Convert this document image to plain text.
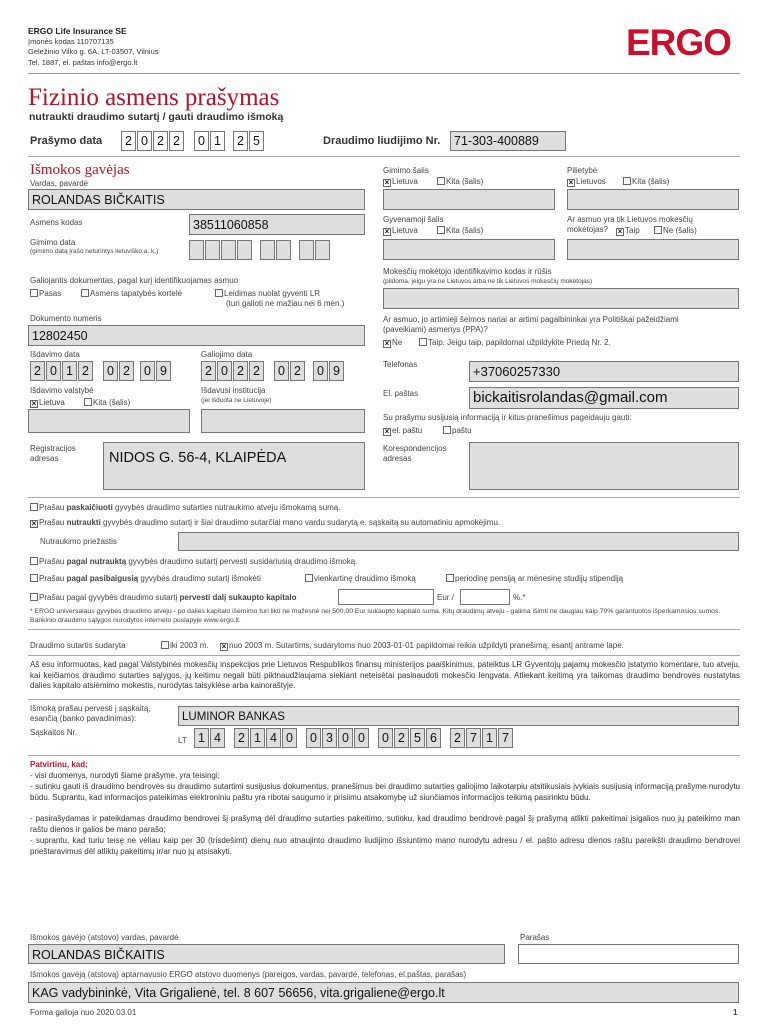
ERGO Life Insurance SE
Įmonės kodas 110707135
Geležinio Vilko g. 6A, LT-03507, Vilnius
Tel. 1887, el. paštas info@ergo.lt	ERGO
Fizinio asmens prašymas
nutraukti draudimo sutartį / gauti draudimo išmoką
Prašymo data	2 0 2 2	0 1	2 5	Draudimo liudijimo Nr.	71-303-400889
Išmokos gavėjas
Vardas, pavardė
ROLANDAS BIČKAITIS
Asmens kodas	38511060858
Gimimo data
(gimimo datą įrašo neturintys lietuviško a. k.)
Galiojantis dokumentas, pagal kurį identifikuojamas asmuo
Pasas	Asmens tapatybės kortelė	Leidimas nuolat gyventi LR
(turi galioti ne mažiau nei 6 mėn.)
Dokumento numeris
12802450
Išdavimo data
2 0 1 2	0 2	0 9
Galiojimo data
2 0 2 2	0 2	0 9
Išdavimo valstybė
× Lietuva	Kita (šalis)
Išdavusi institucija
(jei išduota ne Lietuvoje)
Registracijos adresas	NIDOS G. 56-4, KLAIPĖDA
Gimimo šalis
× Lietuva	Kita (šalis)
Pilietybė
× Lietuvos	Kita (šalis)
Gyvenamoji šalis
× Lietuva	Kita (šalis)
Ar asmuo yra tik Lietuvos mokesčių mokėtojas?	× Taip	Ne (šalis)
Mokesčių mokėtojo identifikavimo kodas ir rūšis
(pildoma, jeigu yra ne Lietuvos arba ne tik Lietuvos mokesčių mokėtojas)
Ar asmuo, jo artimieji šeimos nariai ar artimi pagalbininkai yra Politiškai pažeidžiami (paveikiami) asmenys (PPA)?
× Ne	Taip. Jeigu taip, papildomai užpildykite Priedą Nr. 2.
Telefonas	+37060257330
El. paštas	bickaitisrolandas@gmail.com
Su prašymu susijusią informaciją ir kitus pranešimus pageidauju gauti:
× el. paštu	paštu
Korespondencijos adresas
Prašau paskaičiuoti gyvybės draudimo sutarties nutraukimo atveju išmokamą sumą.
× Prašau nutraukti gyvybės draudimo sutartį ir šiai draudimo sutarčiai mano vardu sudarytą e. sąskaitą su automatiniu apmokėjimu.
Nutraukimo priežastis
Prašau pagal nutrauktą gyvybės draudimo sutartį pervesti susidariusią draudimo išmoką.
Prašau pagal pasibaigusią gyvybės draudimo sutartį išmokėti	vienkartinę draudimo išmoką	periodinę pensiją ar mėnesinę studijų stipendiją
Prašau pagal gyvybės draudimo sutartį pervesti dalį sukaupto kapitalo	Eur /	%.*
* ERGO universalaus gyvybės draudimo atveju - po dalies kapitalo išėmimo turi likti ne mažesnė nei 500,00 Eur sukaupto kapitalo suma. Kitų draudimų atveju - galima išimti ne daugiau kaip 70% garantuotos išperkamosios sumos. Bankinio draudimo sąlygos nurodytos interneto puslapyje www.ergo.lt.
Draudimo sutartis sudaryta	iki 2003 m. × nuo 2003 m. Sutartims, sudarytoms nuo 2003-01-01 papildomai reikia užpildyti pranešimą, esantį antrame lape.
Aš esu informuotas, kad pagal Valstybinės mokesčių inspekcijos prie Lietuvos Respublikos finansų ministerijos paaiškinimus, pateiktus LR Gyventojų pajamų mokesčio įstatymo komentare, tuo atveju, kai keičiamos draudimo sutarties sąlygos, jų keitimu negali būti piktnaudžiaujama siekiant neteisėtai pasinaudoti mokesčio lengvata. Atliekant keitimą yra taikomas draudimo bendrovės nustatytas dalies kapitalo atsiėmimo mokestis, nurodytas taisyklėse arba kainoraštyje.
Išmoką prašau pervesti į sąskaitą, esančią (banko pavadinimas):	LUMINOR BANKAS
Sąskaitos Nr.
LT 1 4	2 1 4 0	0 3 0 0	0 2 5 6	2 7 1 7
Patvirtinu, kad:
- visi duomenys, nurodyti šiame prašyme, yra teisingi;
- sutinku gauti iš draudimo bendrovės su draudimo sutartimi susijusius dokumentus, pranešimus bei draudimo sutarties galiojimo laikotarpiu atsitikusiais įvykiais susijusią informaciją prašyme nurodytu būdu. Suprantu, kad informacijos pateikimas elektroniniu paštu yra ribotai saugumo ir prisiimu atsakomybę už siunčiamos informacijos teikimą pasirinktu būdu.
- pasirašydamas ir pateikdamas draudimo bendrovei šį prašymą dėl draudimo sutarties pakeitimo, sutinku, kad draudimo bendrovė pagal šį prašymą atlikti pakeitimai įsigalios nuo jų pateikimo man raštu dienos ir galios be mano parašo;
- suprantu, kad turiu teisę ne vėliau kaip per 30 (trisdešimt) dienų nuo atnaujinto draudimo liudijimo išsiuntimo mano nurodytu adresu / el. pašto adresu dienos raštu pareikšti draudimo bendrovei prieštaravimus dėl atliktų pakeitimų ir/ar nuo jų atsisakyti.
Išmokos gavėjo (atstovo) vardas, pavardė
ROLANDAS BIČKAITIS
Parašas
Išmokos gavėją (atstovą) aptarnavusio ERGO atstovo duomenys (pareigos, vardas, pavardė, telefonas, el.paštas, parašas)
KAG vadybininkė, Vita Grigalienė, tel. 8 607 56656, vita.grigaliene@ergo.lt
Forma galioja nuo 2020.03.01	1
